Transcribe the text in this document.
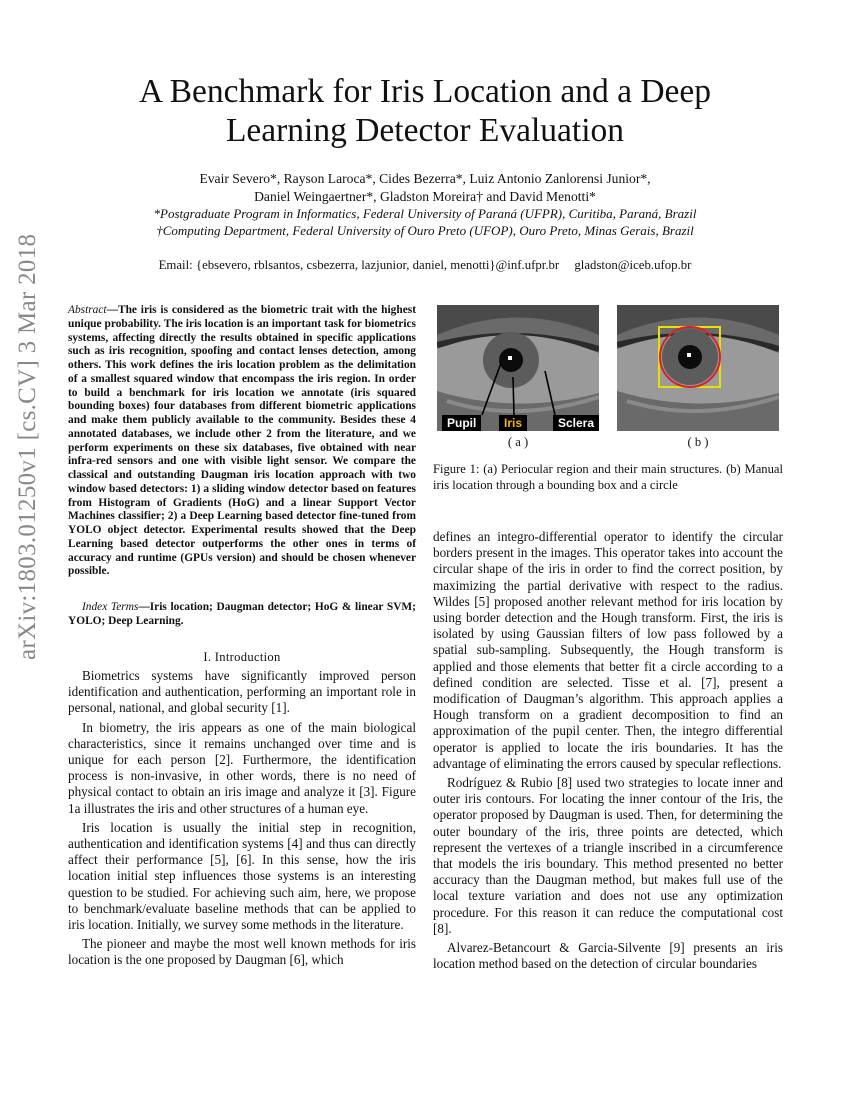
arXiv:1803.01250v1 [cs.CV] 3 Mar 2018
A Benchmark for Iris Location and a Deep
Learning Detector Evaluation
Evair Severo*, Rayson Laroca*, Cides Bezerra*, Luiz Antonio Zanlorensi Junior*,
Daniel Weingaertner*, Gladston Moreira† and David Menotti*
*Postgraduate Program in Informatics, Federal University of Paraná (UFPR), Curitiba, Paraná, Brazil
†Computing Department, Federal University of Ouro Preto (UFOP), Ouro Preto, Minas Gerais, Brazil
Email: {ebsevero, rblsantos, csbezerra, lazjunior, daniel, menotti}@inf.ufpr.br gladston@iceb.ufop.br
Abstract—The iris is considered as the biometric trait with the highest unique probability. The iris location is an important task for biometrics systems, affecting directly the results obtained in specific applications such as iris recognition, spoofing and contact lenses detection, among others. This work defines the iris location problem as the delimitation of a smallest squared window that encompass the iris region. In order to build a benchmark for iris location we annotate (iris squared bounding boxes) four databases from different biometric applications and make them publicly available to the community. Besides these 4 annotated databases, we include other 2 from the literature, and we perform experiments on these six databases, five obtained with near infra-red sensors and one with visible light sensor. We compare the classical and outstanding Daugman iris location approach with two window based detectors: 1) a sliding window detector based on features from Histogram of Gradients (HoG) and a linear Support Vector Machines classifier; 2) a Deep Learning based detector fine-tuned from YOLO object detector. Experimental results showed that the Deep Learning based detector outperforms the other ones in terms of accuracy and runtime (GPUs version) and should be chosen whenever possible.
Index Terms—Iris location; Daugman detector; HoG & linear SVM; YOLO; Deep Learning.
I. Introduction

Biometrics systems have significantly improved person identification and authentication, performing an important role in personal, national, and global security [1].

In biometry, the iris appears as one of the main biological characteristics, since it remains unchanged over time and is unique for each person [2]. Furthermore, the identification process is non-invasive, in other words, there is no need of physical contact to obtain an iris image and analyze it [3]. Figure 1a illustrates the iris and other structures of a human eye.

Iris location is usually the initial step in recognition, authentication and identification systems [4] and thus can directly affect their performance [5], [6]. In this sense, how the iris location initial step influences those systems is an interesting question to be studied. For achieving such aim, here, we propose to benchmark/evaluate baseline methods that can be applied to iris location. Initially, we survey some methods in the literature.

The pioneer and maybe the most well known methods for iris location is the one proposed by Daugman [6], which

Pupil	Iris	Sclera
( a )	( b )
Figure 1: (a) Periocular region and their main structures. (b) Manual iris location through a bounding box and a circle

defines an integro-differential operator to identify the circular borders present in the images. This operator takes into account the circular shape of the iris in order to find the correct position, by maximizing the partial derivative with respect to the radius. Wildes [5] proposed another relevant method for iris location by using border detection and the Hough transform. First, the iris is isolated by using Gaussian filters of low pass followed by a spatial sub-sampling. Subsequently, the Hough transform is applied and those elements that better fit a circle according to a defined condition are selected. Tisse et al. [7], present a modification of Daugman’s algorithm. This approach applies a Hough transform on a gradient decomposition to find an approximation of the pupil center. Then, the integro differential operator is applied to locate the iris boundaries. It has the advantage of eliminating the errors caused by specular reflections.

Rodríguez & Rubio [8] used two strategies to locate inner and outer iris contours. For locating the inner contour of the Iris, the operator proposed by Daugman is used. Then, for determining the outer boundary of the iris, three points are detected, which represent the vertexes of a triangle inscribed in a circumference that models the iris boundary. This method presented no better accuracy than the Daugman method, but makes full use of the local texture variation and does not use any optimization procedure. For this reason it can reduce the computational cost [8].

Alvarez-Betancourt & Garcia-Silvente [9] presents an iris location method based on the detection of circular boundaries
